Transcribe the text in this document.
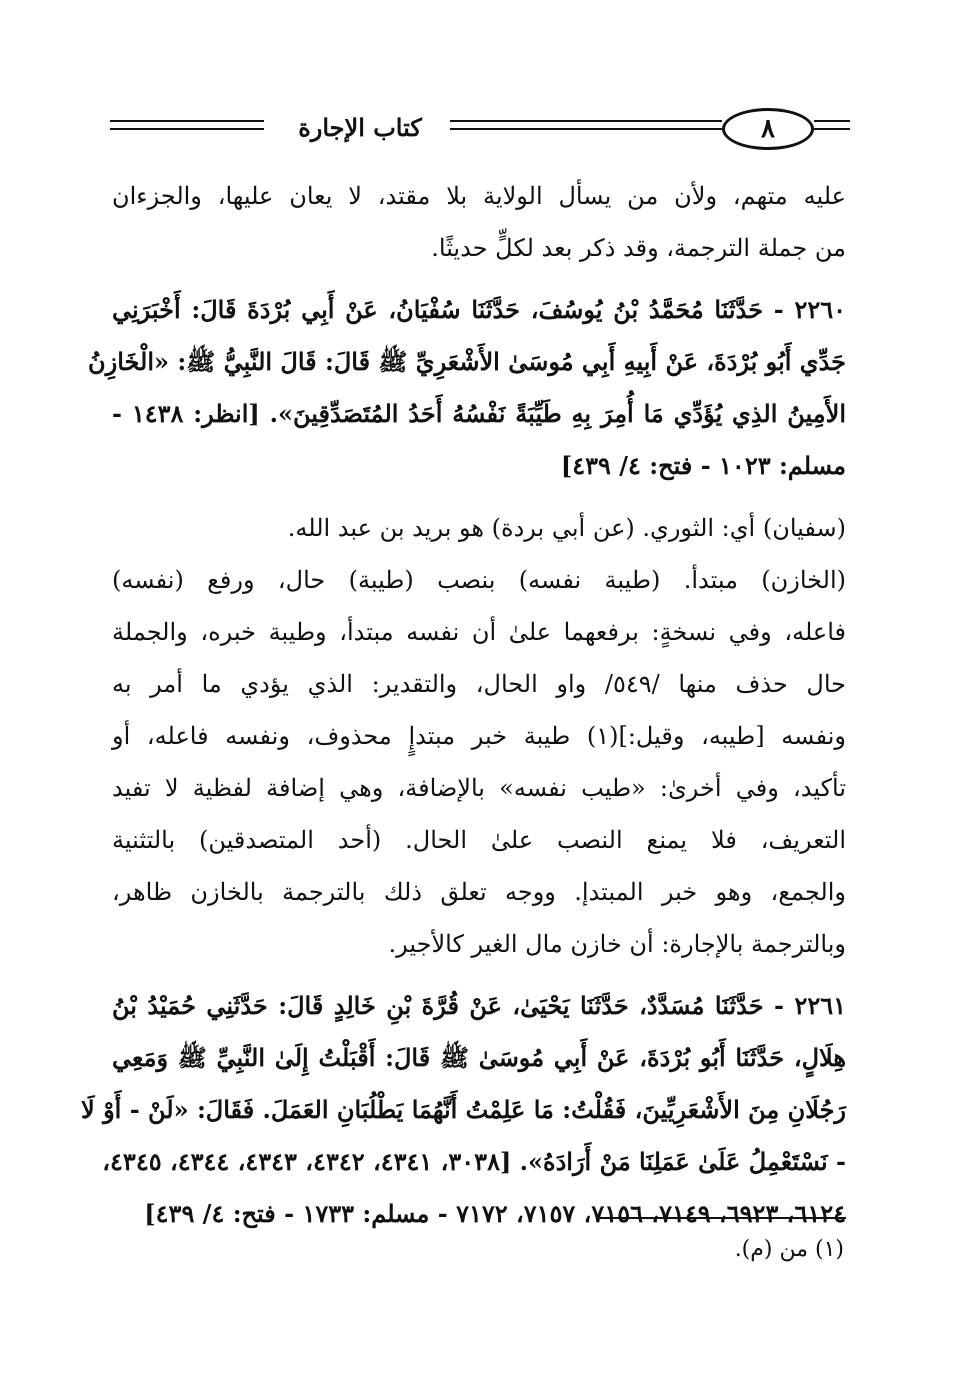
كتاب الإجارة	٨
عليه متهم، ولأن من يسأل الولاية بلا مقتد، لا يعان عليها، والجزءان
من جملة الترجمة، وقد ذكر بعد لكلٍّ حديثًا.
٢٢٦٠ - حَدَّثَنَا مُحَمَّدُ بْنُ يُوسُفَ، حَدَّثَنَا سُفْيَانُ، عَنْ أَبِي بُرْدَةَ قَالَ: أَخْبَرَنِي
جَدِّي أَبُو بُرْدَةَ، عَنْ أَبِيهِ أَبِي مُوسَىٰ الأَشْعَرِيِّ ﷺ قَالَ: قَالَ النَّبِيُّ ﷺ: «الْخَازِنُ
الأَمِينُ الذِي يُؤَدِّي مَا أُمِرَ بِهِ طَيِّبَةً نَفْسُهُ أَحَدُ المُتَصَدِّقِينَ». [انظر: ١٤٣٨ -
مسلم: ١٠٢٣ - فتح: ٤/ ٤٣٩]
(سفيان) أي: الثوري. (عن أبي بردة) هو بريد بن عبد الله.
(الخازن) مبتدأ. (طيبة نفسه) بنصب (طيبة) حال، ورفع (نفسه)
فاعله، وفي نسخةٍ: برفعهما علىٰ أن نفسه مبتدأ، وطيبة خبره، والجملة
حال حذف منها /٥٤٩/ واو الحال، والتقدير: الذي يؤدي ما أمر به
ونفسه [طيبه، وقيل:](١) طيبة خبر مبتدإٍ محذوف، ونفسه فاعله، أو
تأكيد، وفي أخرىٰ: «طيب نفسه» بالإضافة، وهي إضافة لفظية لا تفيد
التعريف، فلا يمنع النصب علىٰ الحال. (أحد المتصدقين) بالتثنية
والجمع، وهو خبر المبتدإ. ووجه تعلق ذلك بالترجمة بالخازن ظاهر،
وبالترجمة بالإجارة: أن خازن مال الغير كالأجير.
٢٢٦١ - حَدَّثَنَا مُسَدَّدٌ، حَدَّثَنَا يَحْيَىٰ، عَنْ قُرَّةَ بْنِ خَالِدٍ قَالَ: حَدَّثَنِي حُمَيْدُ بْنُ
هِلَالٍ، حَدَّثَنَا أَبُو بُرْدَةَ، عَنْ أَبِي مُوسَىٰ ﷺ قَالَ: أَقْبَلْتُ إِلَىٰ النَّبِيِّ ﷺ وَمَعِي
رَجُلَانِ مِنَ الأَشْعَرِيِّينَ، فَقُلْتُ: مَا عَلِمْتُ أَنَّهُمَا يَطْلُبَانِ العَمَلَ. فَقَالَ: «لَنْ - أَوْ لَا
- نَسْتَعْمِلُ عَلَىٰ عَمَلِنَا مَنْ أَرَادَهُ». [٣٠٣٨، ٤٣٤١، ٤٣٤٢، ٤٣٤٣، ٤٣٤٤، ٤٣٤٥،
٦١٢٤، ٦٩٢٣، ٧١٤٩، ٧١٥٦، ٧١٥٧، ٧١٧٢ - مسلم: ١٧٣٣ - فتح: ٤/ ٤٣٩]
(١) من (م).
